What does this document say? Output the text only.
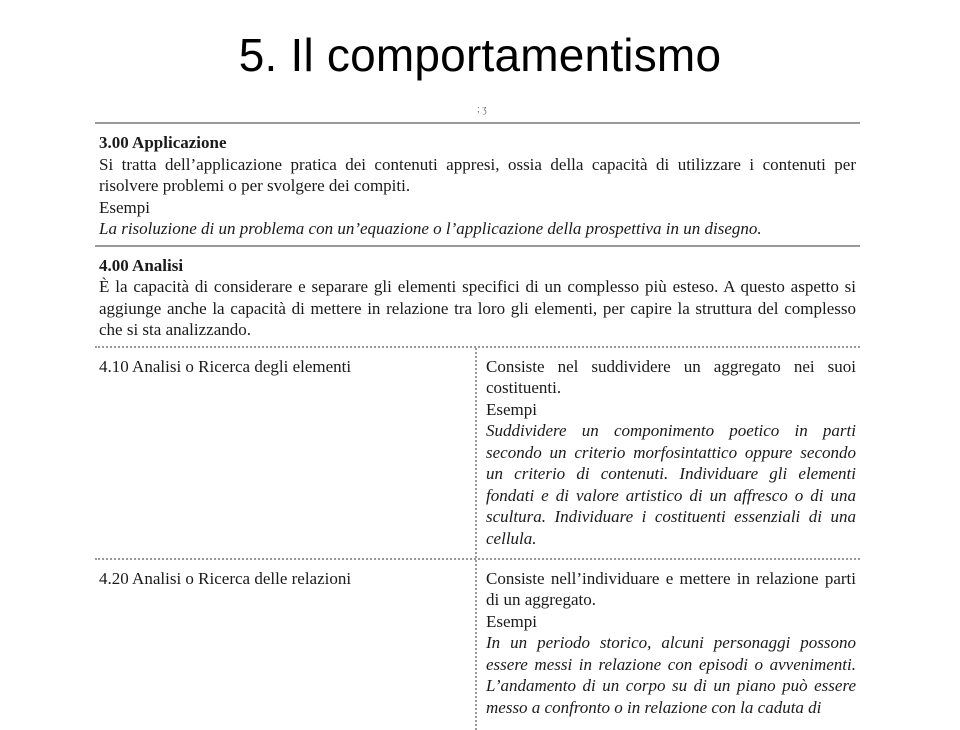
5. Il comportamentismo
; ʒ
3.00 Applicazione
Si tratta dell’applicazione pratica dei contenuti appresi, ossia della capacità di utilizzare i contenuti per risolvere problemi o per svolgere dei compiti.
Esempi
La risoluzione di un problema con un’equazione o l’applicazione della prospettiva in un disegno.
4.00 Analisi
È la capacità di considerare e separare gli elementi specifici di un complesso più esteso. A questo aspetto si aggiunge anche la capacità di mettere in relazione tra loro gli elementi, per capire la struttura del complesso che si sta analizzando.
4.10 Analisi o Ricerca degli elementi	Consiste nel suddividere un aggregato nei suoi costituenti.
Esempi
Suddividere un componimento poetico in parti secondo un criterio morfosintattico oppure secondo un criterio di contenuti. Individuare gli elementi fondati e di valore artistico di un affresco o di una scultura. Individuare i costituenti essenziali di una cellula.
4.20 Analisi o Ricerca delle relazioni	Consiste nell’individuare e mettere in relazione parti di un aggregato.
Esempi
In un periodo storico, alcuni personaggi possono essere messi in relazione con episodi o avvenimenti. L’andamento di un corpo su di un piano può essere messo a confronto o in relazione con la caduta di
